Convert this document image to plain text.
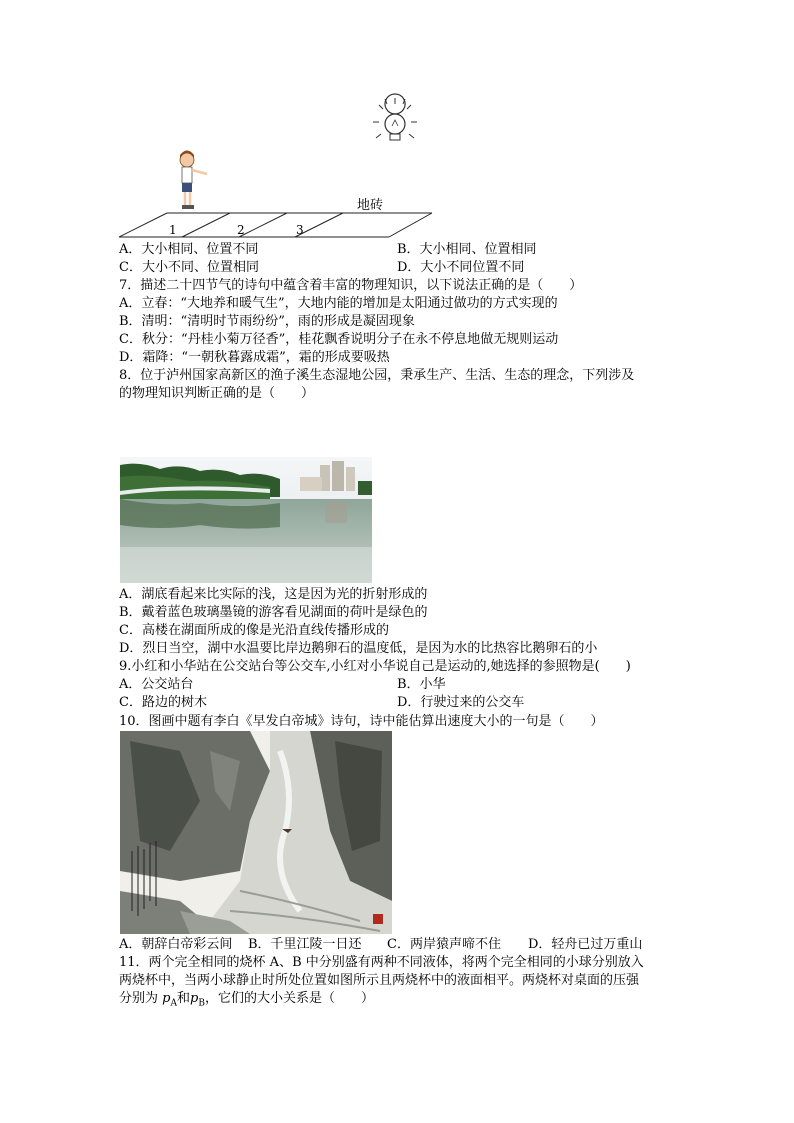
地砖
1	2	3
A．大小相同、位置不同	B．大小相同、位置相同
C．大小不同、位置相同	D．大小不同位置不同
7．描述二十四节气的诗句中蕴含着丰富的物理知识，以下说法正确的是（　　）
A．立春：“大地养和暖气生”，大地内能的增加是太阳通过做功的方式实现的
B．清明：“清明时节雨纷纷”，雨的形成是凝固现象
C．秋分：“丹桂小菊万径香”，桂花飘香说明分子在永不停息地做无规则运动
D．霜降：“一朝秋暮露成霜”，霜的形成要吸热
8．位于泸州国家高新区的渔子溪生态湿地公园，秉承生产、生活、生态的理念，下列涉及
的物理知识判断正确的是（　　）
A．湖底看起来比实际的浅，这是因为光的折射形成的
B．戴着蓝色玻璃墨镜的游客看见湖面的荷叶是绿色的
C．高楼在湖面所成的像是光沿直线传播形成的
D．烈日当空，湖中水温要比岸边鹅卵石的温度低，是因为水的比热容比鹅卵石的小
9.小红和小华站在公交站台等公交车,小红对小华说自己是运动的,她选择的参照物是(　　)
A．公交站台	B．小华
C．路边的树木	D．行驶过来的公交车
10．图画中题有李白《早发白帝城》诗句，诗中能估算出速度大小的一句是（　　）
A．朝辞白帝彩云间 B．千里江陵一日还 C．两岸猿声啼不住 D．轻舟已过万重山
11．两个完全相同的烧杯 A、B 中分别盛有两种不同液体，将两个完全相同的小球分别放入
两烧杯中，当两小球静止时所处位置如图所示且两烧杯中的液面相平。两烧杯对桌面的压强
分别为 $p_A$和$p_B$，它们的大小关系是（　　）
